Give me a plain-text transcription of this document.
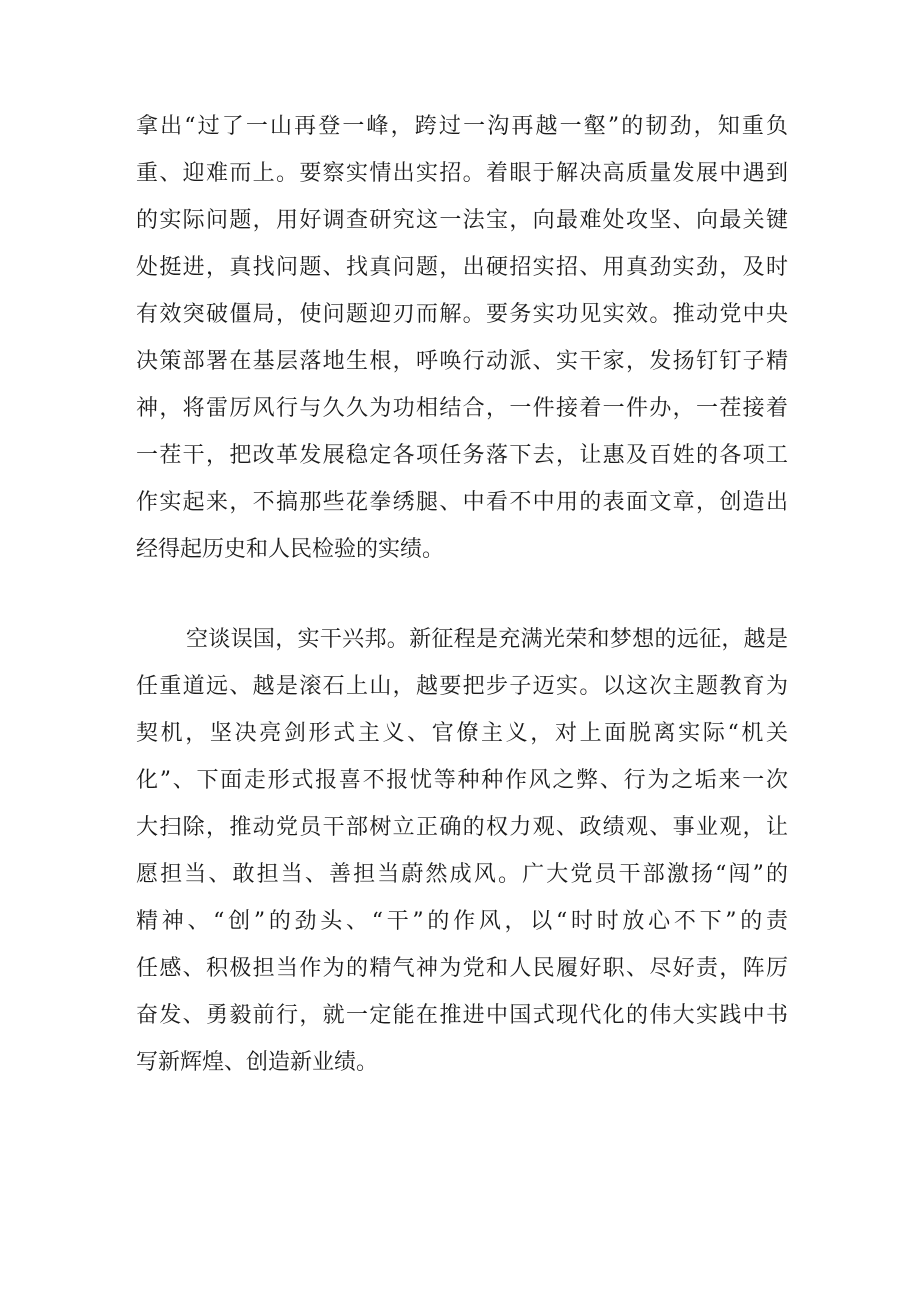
拿出“过了一山再登一峰，跨过一沟再越一壑”的韧劲，知重负
重、迎难而上。要察实情出实招。着眼于解决高质量发展中遇到
的实际问题，用好调查研究这一法宝，向最难处攻坚、向最关键
处挺进，真找问题、找真问题，出硬招实招、用真劲实劲，及时
有效突破僵局，使问题迎刃而解。要务实功见实效。推动党中央
决策部署在基层落地生根，呼唤行动派、实干家，发扬钉钉子精
神，将雷厉风行与久久为功相结合，一件接着一件办，一茬接着
一茬干，把改革发展稳定各项任务落下去，让惠及百姓的各项工
作实起来，不搞那些花拳绣腿、中看不中用的表面文章，创造出
经得起历史和人民检验的实绩。
空谈误国，实干兴邦。新征程是充满光荣和梦想的远征，越是
任重道远、越是滚石上山，越要把步子迈实。以这次主题教育为
契机，坚决亮剑形式主义、官僚主义，对上面脱离实际“机关
化”、下面走形式报喜不报忧等种种作风之弊、行为之垢来一次
大扫除，推动党员干部树立正确的权力观、政绩观、事业观，让
愿担当、敢担当、善担当蔚然成风。广大党员干部激扬“闯”的
精神、“创”的劲头、“干”的作风，以“时时放心不下”的责
任感、积极担当作为的精气神为党和人民履好职、尽好责，阵厉
奋发、勇毅前行，就一定能在推进中国式现代化的伟大实践中书
写新辉煌、创造新业绩。
